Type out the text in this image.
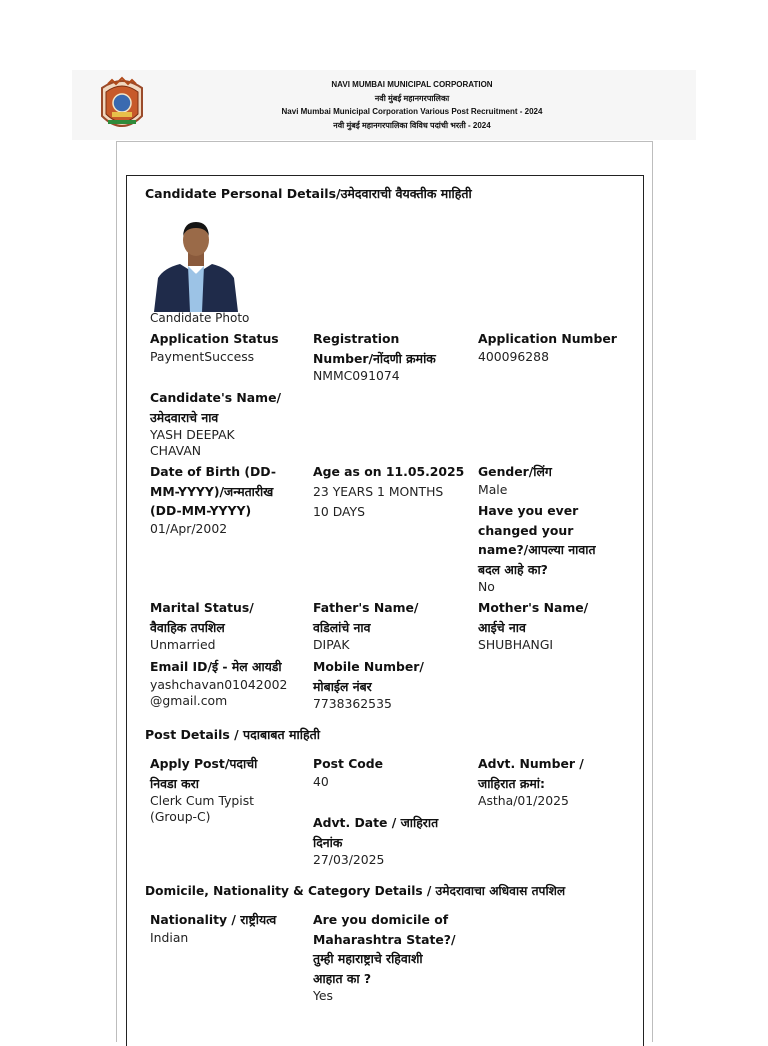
NAVI MUMBAI MUNICIPAL CORPORATION
नवी मुंबई महानगरपालिका
Navi Mumbai Municipal Corporation Various Post Recruitment - 2024
नवी मुंबई महानगरपालिका विविध पदांची भरती - 2024
Candidate Personal Details/उमेदवाराची वैयक्तीक माहिती
Candidate Photo
Application Status
PaymentSuccess
Registration
Number/नोंदणी क्रमांक
NMMC091074
Application Number
400096288
Candidate's Name/
उमेदवाराचे नाव
YASH DEEPAK
CHAVAN
Date of Birth (DD-
MM-YYYY)/जन्मतारीख
(DD-MM-YYYY)
01/Apr/2002
Age as on 11.05.2025
23 YEARS 1 MONTHS
10 DAYS
Gender/लिंग
Male
Have you ever
changed your
name?/आपल्या नावात
बदल आहे का?
No
Marital Status/
वैवाहिक तपशिल
Unmarried
Father's Name/
वडिलांचे नाव
DIPAK
Mother's Name/
आईचे नाव
SHUBHANGI
Email ID/ई - मेल आयडी
yashchavan01042002
@gmail.com
Mobile Number/
मोबाईल नंबर
7738362535
Post Details / पदाबाबत माहिती
Apply Post/पदाची
निवडा करा
Clerk Cum Typist
(Group-C)
Post Code
40
Advt. Number /
जाहिरात क्रमां:
Astha/01/2025
Advt. Date / जाहिरात
दिनांक
27/03/2025
Domicile, Nationality & Category Details / उमेदरावाचा अधिवास तपशिल
Nationality / राष्ट्रीयत्व
Indian
Are you domicile of
Maharashtra State?/
तुम्ही महाराष्ट्राचे रहिवाशी
आहात का ?
Yes
